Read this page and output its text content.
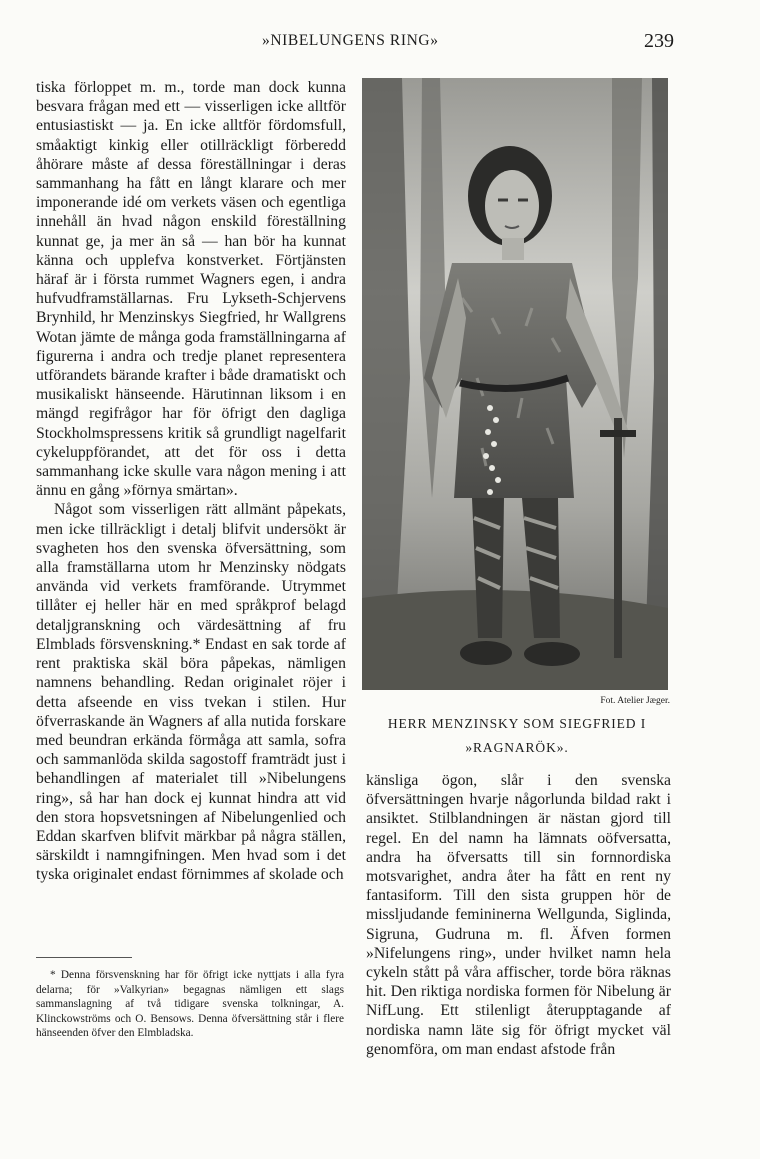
»NIBELUNGENS RING»	239

tiska förloppet m. m., torde man dock kunna besvara frågan med ett — visserligen icke alltför entusiastiskt — ja. En icke alltför fördomsfull, småaktigt kinkig eller otillräckligt förberedd åhörare måste af dessa föreställningar i deras sammanhang ha fått en långt klarare och mer imponerande idé om verkets väsen och egentliga innehåll än hvad någon enskild föreställning kunnat ge, ja mer än så — han bör ha kunnat känna och upplefva konstverket. Förtjänsten häraf är i första rummet Wagners egen, i andra hufvudframställarnas. Fru Lykseth-Schjervens Brynhild, hr Menzinskys Siegfried, hr Wallgrens Wotan jämte de många goda framställningarna af figurerna i andra och tredje planet representera utförandets bärande krafter i både dramatiskt och musikaliskt hänseende. Härutinnan liksom i en mängd regifrågor har för öfrigt den dagliga Stockholmspressens kritik så grundligt nagelfarit cykeluppförandet, att det för oss i detta sammanhang icke skulle vara någon mening i att ännu en gång »förnya smärtan».

Något som visserligen rätt allmänt påpekats, men icke tillräckligt i detalj blifvit undersökt är svagheten hos den svenska öfversättning, som alla framställarna utom hr Menzinsky nödgats använda vid verkets framförande. Utrymmet tillåter ej heller här en med språkprof belagd detaljgranskning och värdesättning af fru Elmblads försvenskning.* Endast en sak torde af rent praktiska skäl böra påpekas, nämligen namnens behandling. Redan originalet röjer i detta afseende en viss tvekan i stilen. Hur öfverraskande än Wagners af alla nutida forskare med beundran erkända förmåga att samla, sofra och sammanlöda skilda sagostoff framträdt just i behandlingen af materialet till »Nibelungens ring», så har han dock ej kunnat hindra att vid den stora hopsvetsningen af Nibelungenlied och Eddan skarfven blifvit märkbar på några ställen, särskildt i namngifningen. Men hvad som i det tyska originalet endast förnimmes af skolade och

Fot. Atelier Jæger.
HERR MENZINSKY SOM SIEGFRIED I
»RAGNARÖK».

känsliga ögon, slår i den svenska öfversättningen hvarje någorlunda bildad rakt i ansiktet. Stilblandningen är nästan gjord till regel. En del namn ha lämnats oöfversatta, andra ha öfversatts till sin fornnordiska motsvarighet, andra åter ha fått en rent ny fantasiform. Till den sista gruppen hör de missljudande femininerna Wellgunda, Siglinda, Sigruna, Gudruna m. fl. Äfven formen »Nifelungens ring», under hvilket namn hela cykeln stått på våra affischer, torde böra räknas hit. Den riktiga nordiska formen för Nibelung är NifLung. Ett stilenligt återupptagande af nordiska namn läte sig för öfrigt mycket väl genomföra, om man endast afstode från

* Denna försvenskning har för öfrigt icke nyttjats i alla fyra delarna; för »Valkyrian» begagnas nämligen ett slags sammanslagning af två tidigare svenska tolkningar, A. Klinckowströms och O. Bensows. Denna öfversättning står i flere hänseenden öfver den Elmbladska.
